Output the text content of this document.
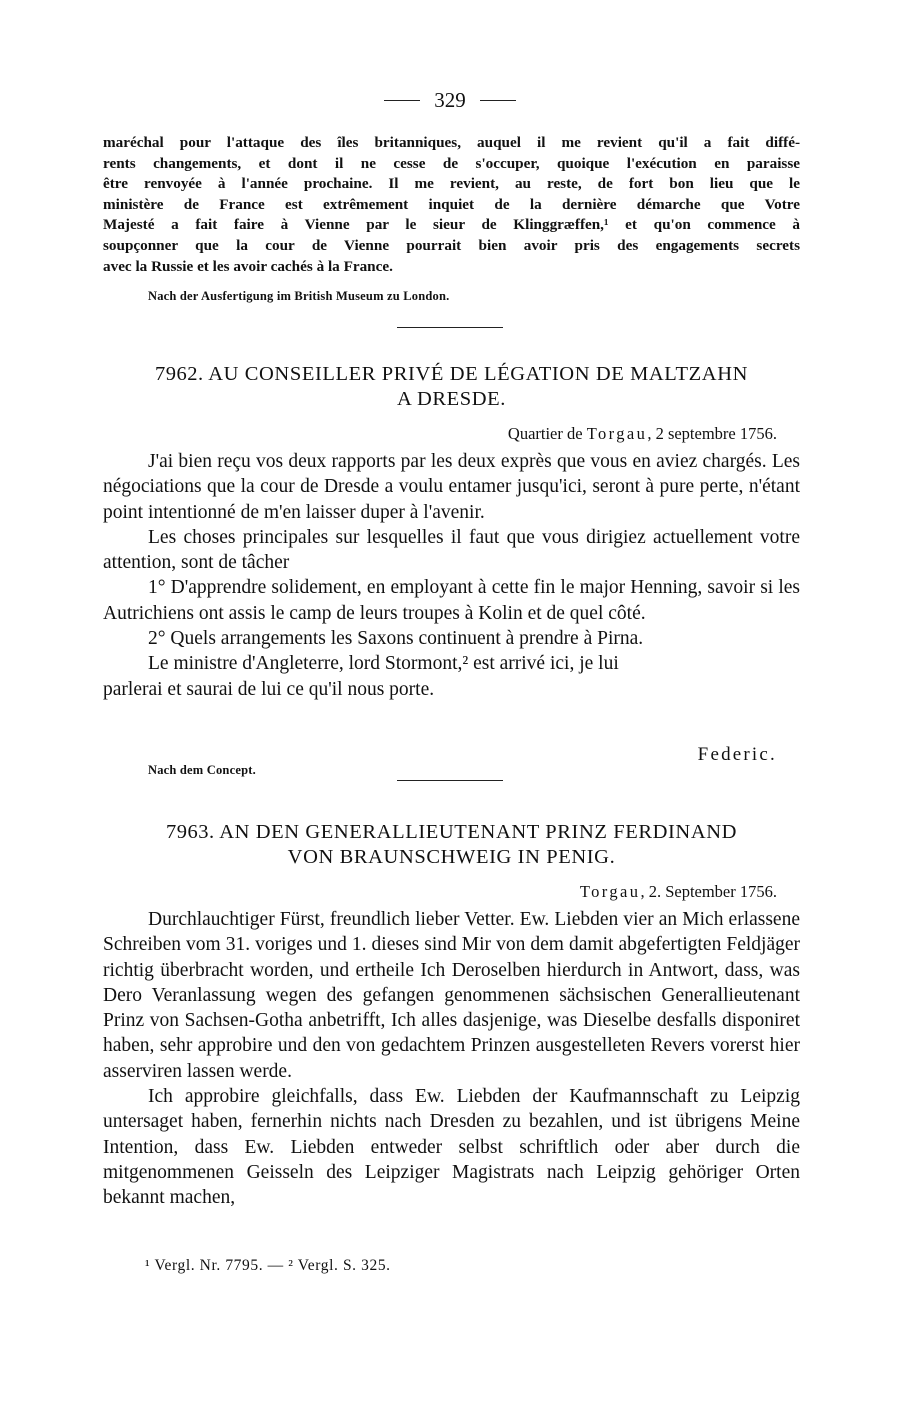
329
maréchal pour l'attaque des îles britanniques, auquel il me revient qu'il a fait diffé-
rents changements, et dont il ne cesse de s'occuper, quoique l'exécution en paraisse
être renvoyée à l'année prochaine. Il me revient, au reste, de fort bon lieu que le
ministère de France est extrêmement inquiet de la dernière démarche que Votre
Majesté a fait faire à Vienne par le sieur de Klinggræffen,¹ et qu'on commence à
soupçonner que la cour de Vienne pourrait bien avoir pris des engagements secrets
avec la Russie et les avoir cachés à la France.
Nach der Ausfertigung im British Museum zu London.
7962. AU CONSEILLER PRIVÉ DE LÉGATION DE MALTZAHN
A DRESDE.
Quartier de Torgau, 2 septembre 1756.

J'ai bien reçu vos deux rapports par les deux exprès que vous en aviez chargés. Les négociations que la cour de Dresde a voulu entamer jusqu'ici, seront à pure perte, n'étant point intentionné de m'en laisser duper à l'avenir.

Les choses principales sur lesquelles il faut que vous dirigiez actuellement votre attention, sont de tâcher

1° D'apprendre solidement, en employant à cette fin le major Henning, savoir si les Autrichiens ont assis le camp de leurs troupes à Kolin et de quel côté.

2° Quels arrangements les Saxons continuent à prendre à Pirna.

Le ministre d'Angleterre, lord Stormont,² est arrivé ici, je lui parlerai et saurai de lui ce qu'il nous porte.

Federic.
Nach dem Concept.
7963. AN DEN GENERALLIEUTENANT PRINZ FERDINAND
VON BRAUNSCHWEIG IN PENIG.
Torgau, 2. September 1756.

Durchlauchtiger Fürst, freundlich lieber Vetter. Ew. Liebden vier an Mich erlassene Schreiben vom 31. voriges und 1. dieses sind Mir von dem damit abgefertigten Feldjäger richtig überbracht worden, und ertheile Ich Deroselben hierdurch in Antwort, dass, was Dero Veranlassung wegen des gefangen genommenen sächsischen Generallieutenant Prinz von Sachsen-Gotha anbetrifft, Ich alles dasjenige, was Dieselbe desfalls disponiret haben, sehr approbire und den von gedachtem Prinzen ausgestelleten Revers vorerst hier asserviren lassen werde.

Ich approbire gleichfalls, dass Ew. Liebden der Kaufmannschaft zu Leipzig untersaget haben, fernerhin nichts nach Dresden zu bezahlen, und ist übrigens Meine Intention, dass Ew. Liebden entweder selbst schriftlich oder aber durch die mitgenommenen Geisseln des Leipziger Magistrats nach Leipzig gehöriger Orten bekannt machen,

¹ Vergl. Nr. 7795. — ² Vergl. S. 325.
